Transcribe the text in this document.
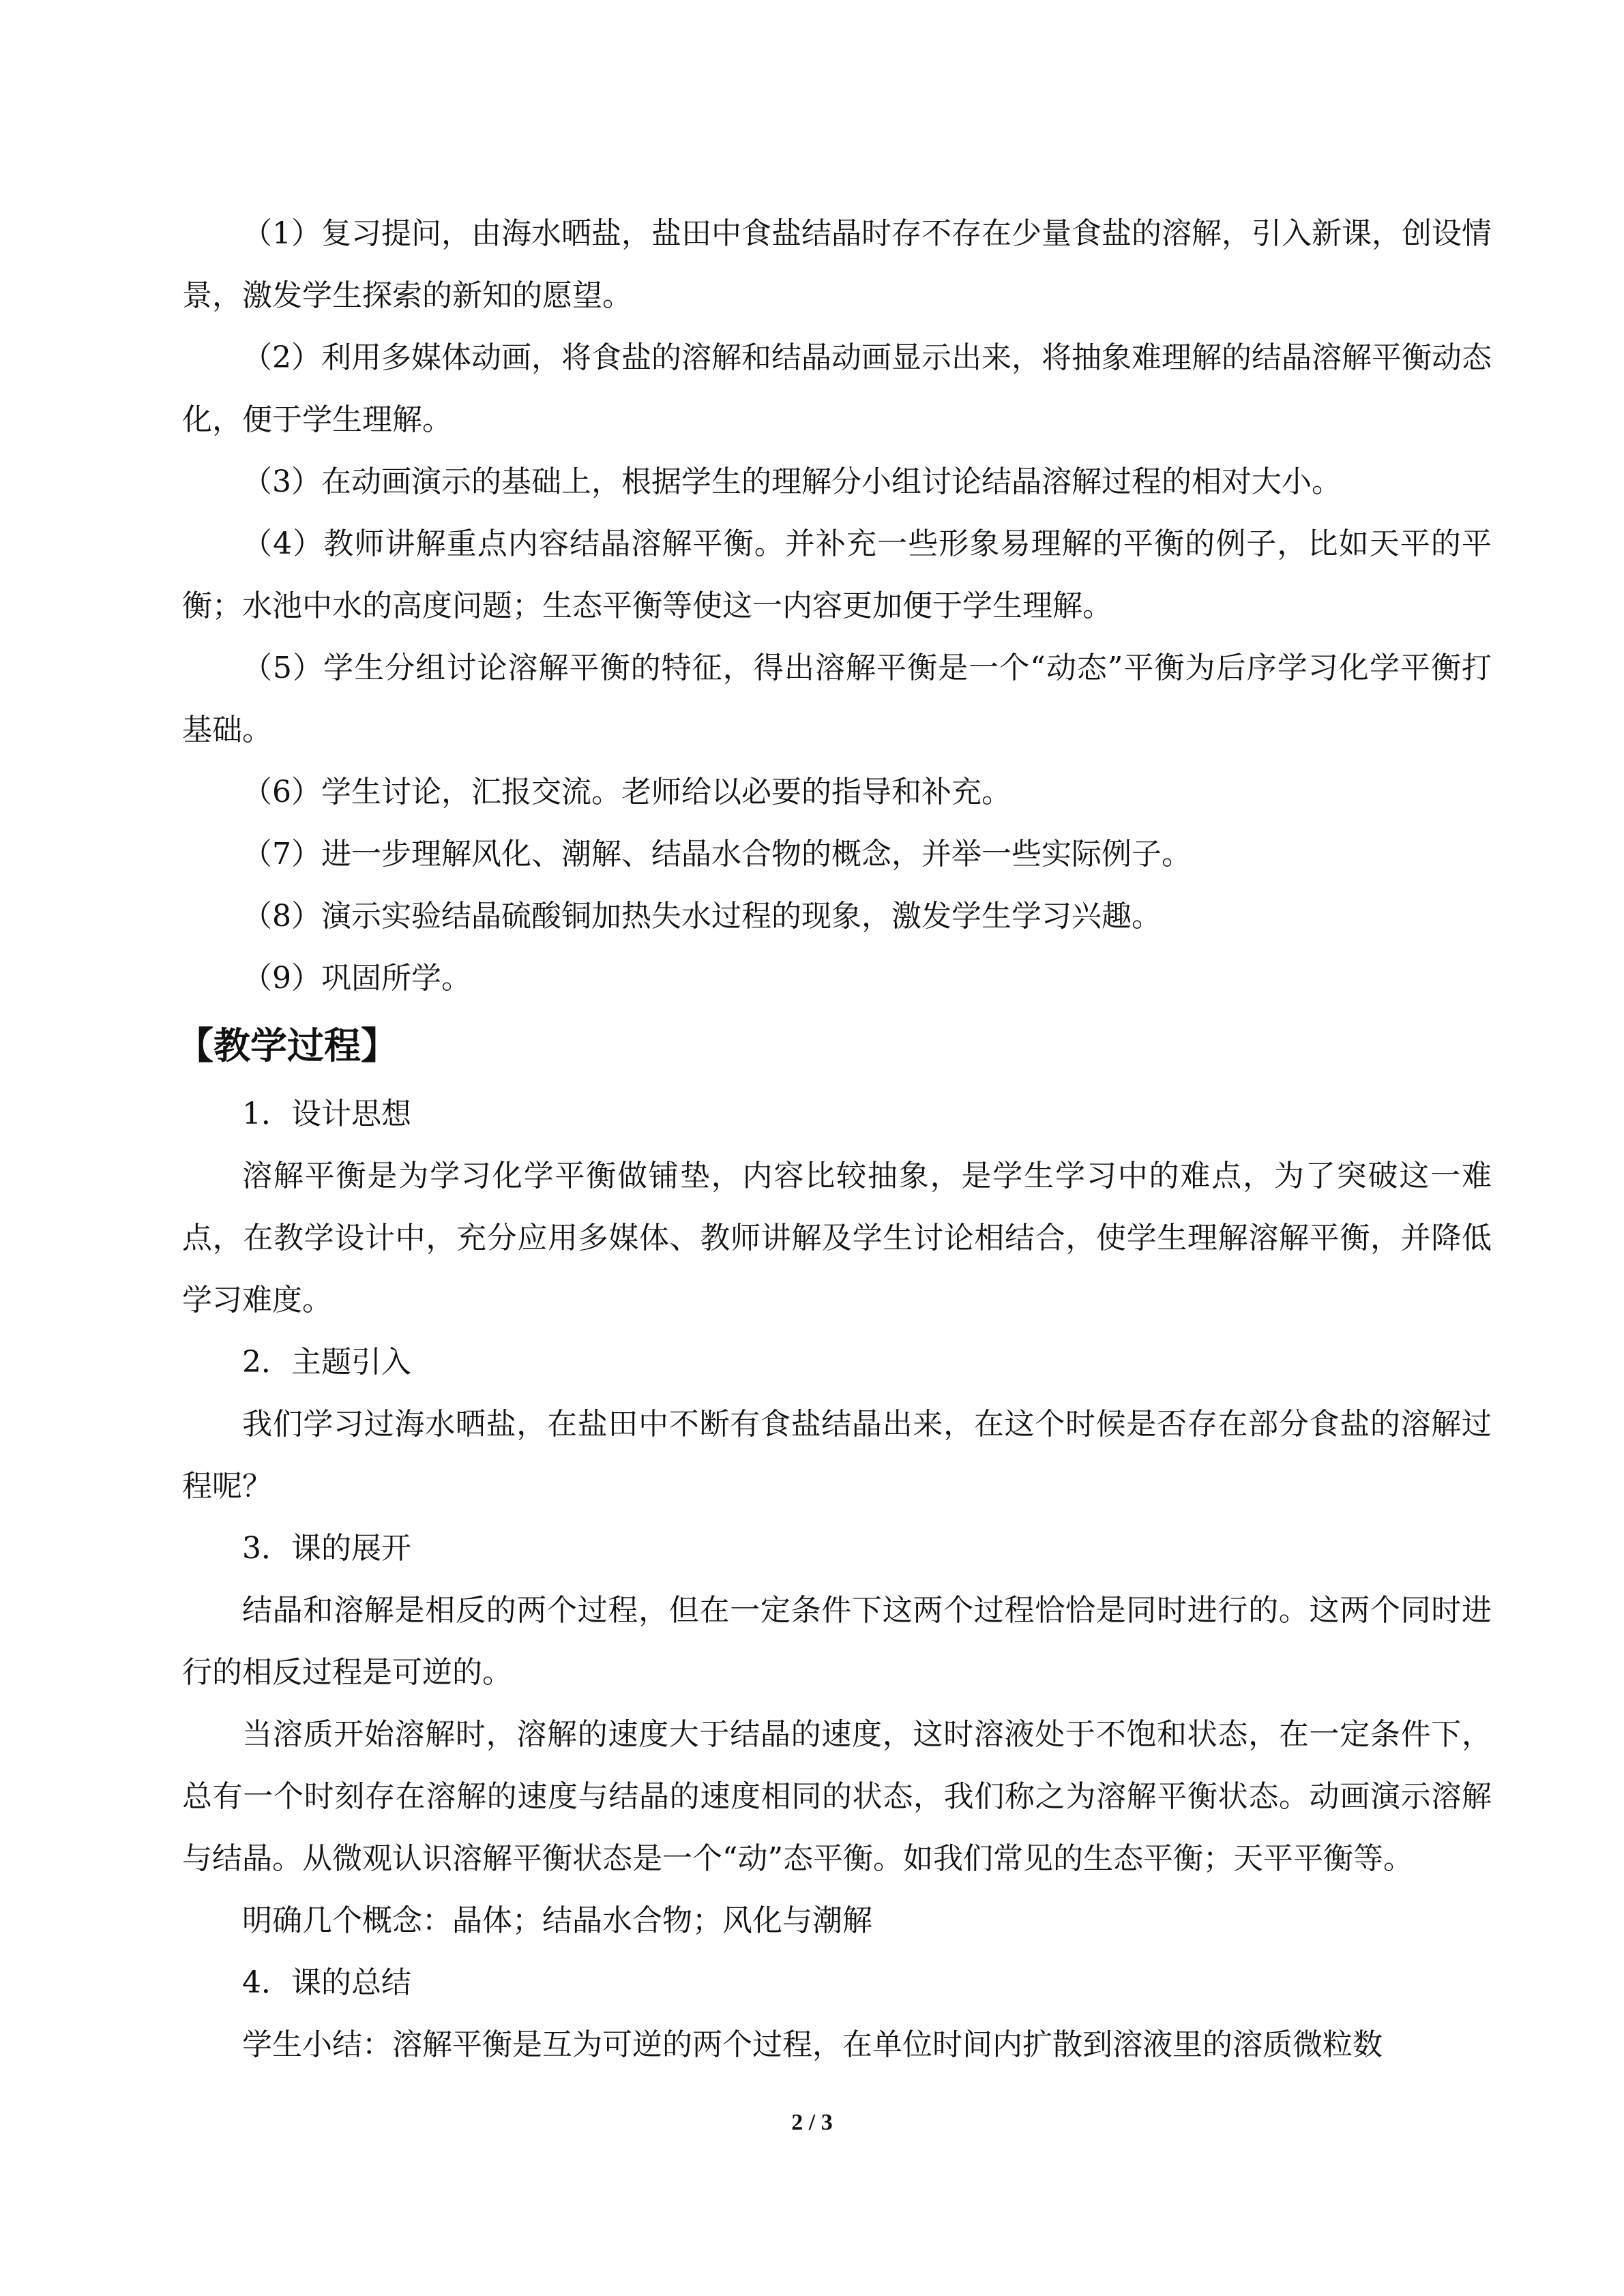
（1）复习提问，由海水晒盐，盐田中食盐结晶时存不存在少量食盐的溶解，引入新课，创设情景，激发学生探索的新知的愿望。

（2）利用多媒体动画，将食盐的溶解和结晶动画显示出来，将抽象难理解的结晶溶解平衡动态化，便于学生理解。

（3）在动画演示的基础上，根据学生的理解分小组讨论结晶溶解过程的相对大小。

（4）教师讲解重点内容结晶溶解平衡。并补充一些形象易理解的平衡的例子，比如天平的平衡；水池中水的高度问题；生态平衡等使这一内容更加便于学生理解。

（5）学生分组讨论溶解平衡的特征，得出溶解平衡是一个“动态”平衡为后序学习化学平衡打基础。

（6）学生讨论，汇报交流。老师给以必要的指导和补充。

（7）进一步理解风化、潮解、结晶水合物的概念，并举一些实际例子。

（8）演示实验结晶硫酸铜加热失水过程的现象，激发学生学习兴趣。

（9）巩固所学。

【教学过程】

1．设计思想

溶解平衡是为学习化学平衡做铺垫，内容比较抽象，是学生学习中的难点，为了突破这一难点，在教学设计中，充分应用多媒体、教师讲解及学生讨论相结合，使学生理解溶解平衡，并降低学习难度。

2．主题引入

我们学习过海水晒盐，在盐田中不断有食盐结晶出来，在这个时候是否存在部分食盐的溶解过程呢？

3．课的展开

结晶和溶解是相反的两个过程，但在一定条件下这两个过程恰恰是同时进行的。这两个同时进行的相反过程是可逆的。

当溶质开始溶解时，溶解的速度大于结晶的速度，这时溶液处于不饱和状态，在一定条件下，总有一个时刻存在溶解的速度与结晶的速度相同的状态，我们称之为溶解平衡状态。动画演示溶解与结晶。从微观认识溶解平衡状态是一个“动”态平衡。如我们常见的生态平衡；天平平衡等。

明确几个概念：晶体；结晶水合物；风化与潮解

4．课的总结

学生小结：溶解平衡是互为可逆的两个过程，在单位时间内扩散到溶液里的溶质微粒数

2 / 3
